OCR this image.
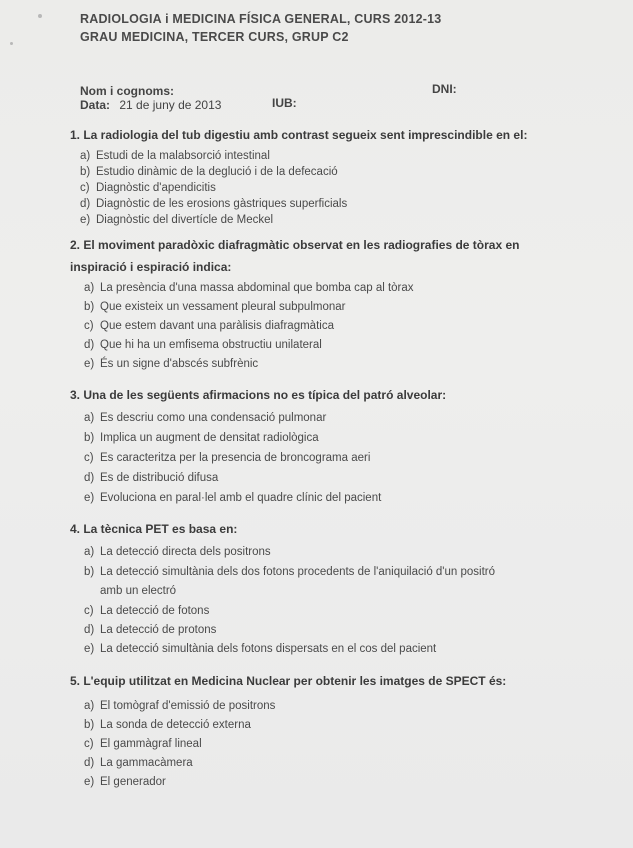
RADIOLOGIA i MEDICINA FÍSICA GENERAL, CURS 2012-13
GRAU MEDICINA, TERCER CURS, GRUP C2
Nom i cognoms:	DNI:
Data: 21 de juny de 2013	IUB:
1. La radiologia del tub digestiu amb contrast segueix sent imprescindible en el:
a) Estudi de la malabsorció intestinal
b) Estudio dinàmic de la deglució i de la defecació
c) Diagnòstic d'apendicitis
d) Diagnòstic de les erosions gàstriques superficials
e) Diagnòstic del divertícle de Meckel
2. El moviment paradòxic diafragmàtic observat en les radiografies de tòrax en
inspiració i espiració indica:
a) La presència d'una massa abdominal que bomba cap al tòrax
b) Que existeix un vessament pleural subpulmonar
c) Que estem davant una paràlisis diafragmàtica
d) Que hi ha un emfisema obstructiu unilateral
e) És un signe d'abscés subfrènic
3. Una de les següents afirmacions no es típica del patró alveolar:
a) Es descriu como una condensació pulmonar
b) Implica un augment de densitat radiològica
c) Es caracteritza per la presencia de broncograma aeri
d) Es de distribució difusa
e) Evoluciona en paral·lel amb el quadre clínic del pacient
4. La tècnica PET es basa en:
a) La detecció directa dels positrons
b) La detecció simultània dels dos fotons procedents de l'aniquilació d'un positró
amb un electró
c) La detecció de fotons
d) La detecció de protons
e) La detecció simultània dels fotons dispersats en el cos del pacient
5. L'equip utilitzat en Medicina Nuclear per obtenir les imatges de SPECT és:
a) El tomògraf d'emissió de positrons
b) La sonda de detecció externa
c) El gammàgraf lineal
d) La gammacàmera
e) El generador
